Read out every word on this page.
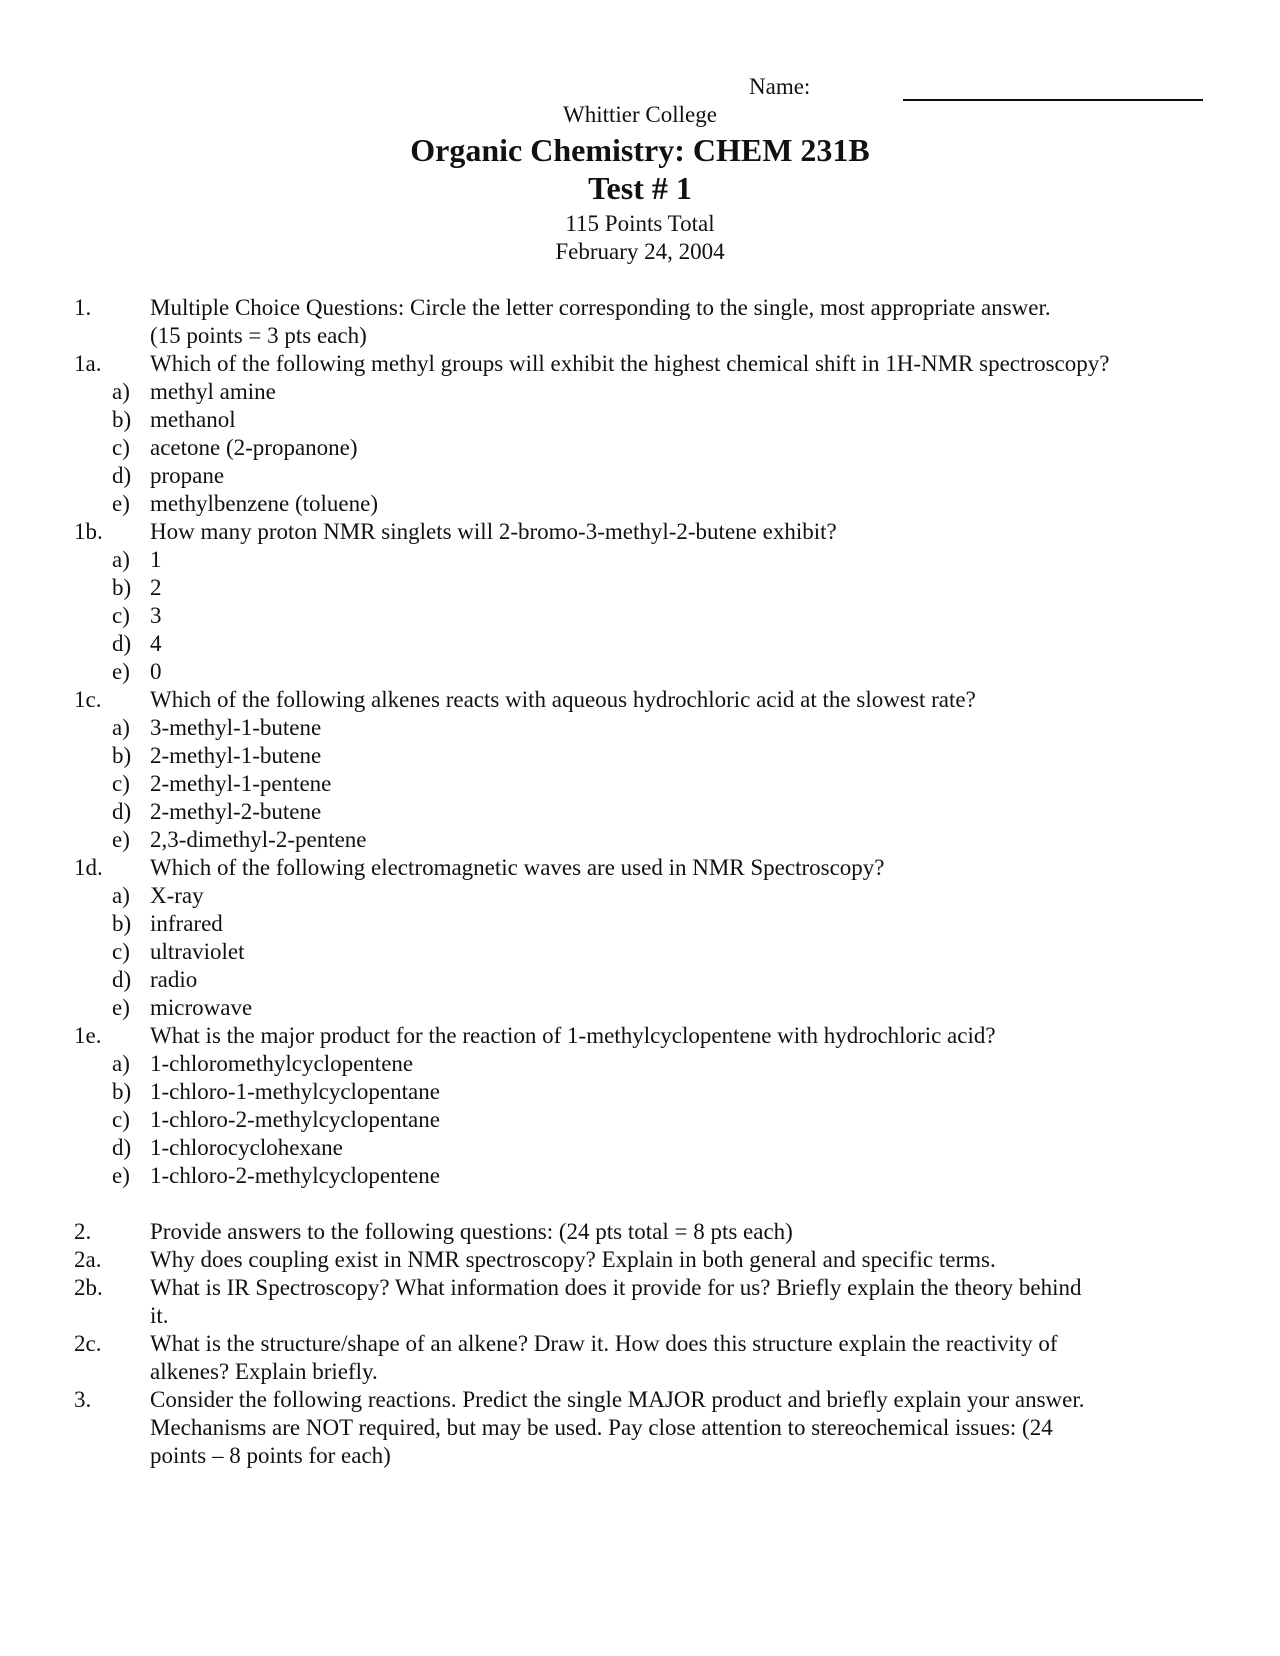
Name:
Whittier College
Organic Chemistry: CHEM 231B
Test # 1
115 Points Total
February 24, 2004
1.	Multiple Choice Questions: Circle the letter corresponding to the single, most appropriate answer.
(15 points = 3 pts each)
1a. Which of the following methyl groups will exhibit the highest chemical shift in 1H-NMR spectroscopy?
a) methyl amine
b) methanol
c) acetone (2-propanone)
d) propane
e) methylbenzene (toluene)
1b. How many proton NMR singlets will 2-bromo-3-methyl-2-butene exhibit?
a) 1
b) 2
c) 3
d) 4
e) 0
1c. Which of the following alkenes reacts with aqueous hydrochloric acid at the slowest rate?
a) 3-methyl-1-butene
b) 2-methyl-1-butene
c) 2-methyl-1-pentene
d) 2-methyl-2-butene
e) 2,3-dimethyl-2-pentene
1d. Which of the following electromagnetic waves are used in NMR Spectroscopy?
a) X-ray
b) infrared
c) ultraviolet
d) radio
e) microwave
1e. What is the major product for the reaction of 1-methylcyclopentene with hydrochloric acid?
a) 1-chloromethylcyclopentene
b) 1-chloro-1-methylcyclopentane
c) 1-chloro-2-methylcyclopentane
d) 1-chlorocyclohexane
e) 1-chloro-2-methylcyclopentene
2.	Provide answers to the following questions: (24 pts total = 8 pts each)
2a. Why does coupling exist in NMR spectroscopy? Explain in both general and specific terms.
2b. What is IR Spectroscopy? What information does it provide for us? Briefly explain the theory behind
it.
2c. What is the structure/shape of an alkene? Draw it. How does this structure explain the reactivity of
alkenes? Explain briefly.
3.	Consider the following reactions. Predict the single MAJOR product and briefly explain your answer.
Mechanisms are NOT required, but may be used. Pay close attention to stereochemical issues: (24
points – 8 points for each)
